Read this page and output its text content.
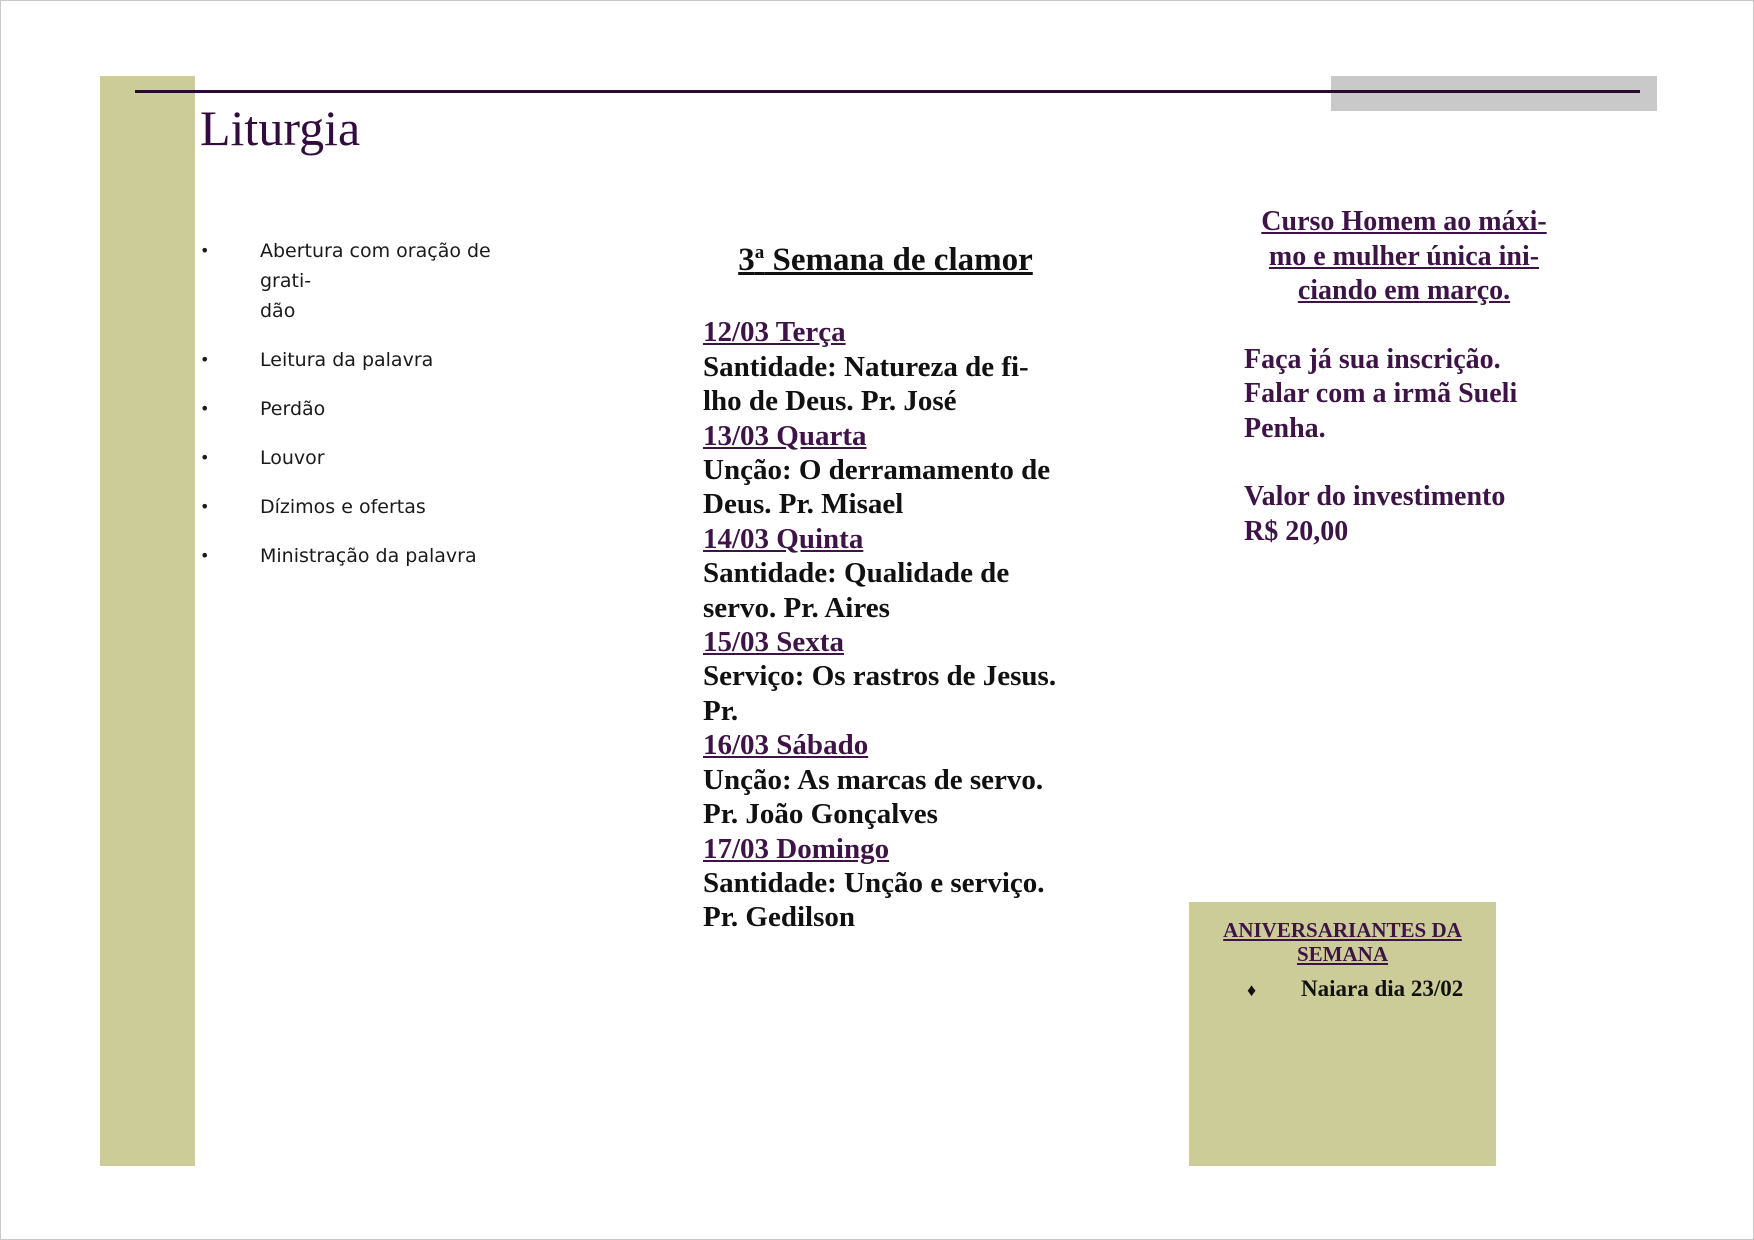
Liturgia
•	Abertura com oração de grati-
dão
•	Leitura da palavra
•	Perdão
•	Louvor
•	Dízimos e ofertas
•	Ministração da palavra
3$^a$ Semana de clamor
12/03 Terça
Santidade: Natureza de fi-
lho de Deus. Pr. José
13/03 Quarta
Unção: O derramamento de
Deus. Pr. Misael
14/03 Quinta
Santidade: Qualidade de
servo. Pr. Aires
15/03 Sexta
Serviço: Os rastros de Jesus.
Pr.
16/03 Sábado
Unção: As marcas de servo.
Pr. João Gonçalves
17/03 Domingo
Santidade: Unção e serviço.
Pr. Gedilson
Curso Homem ao máxi-
mo e mulher única ini-
ciando em março.

Faça já sua inscrição.
Falar com a irmã Sueli
Penha.

Valor do investimento
R$ 20,00

ANIVERSARIANTES DA
SEMANA
♦ Naiara dia 23/02
